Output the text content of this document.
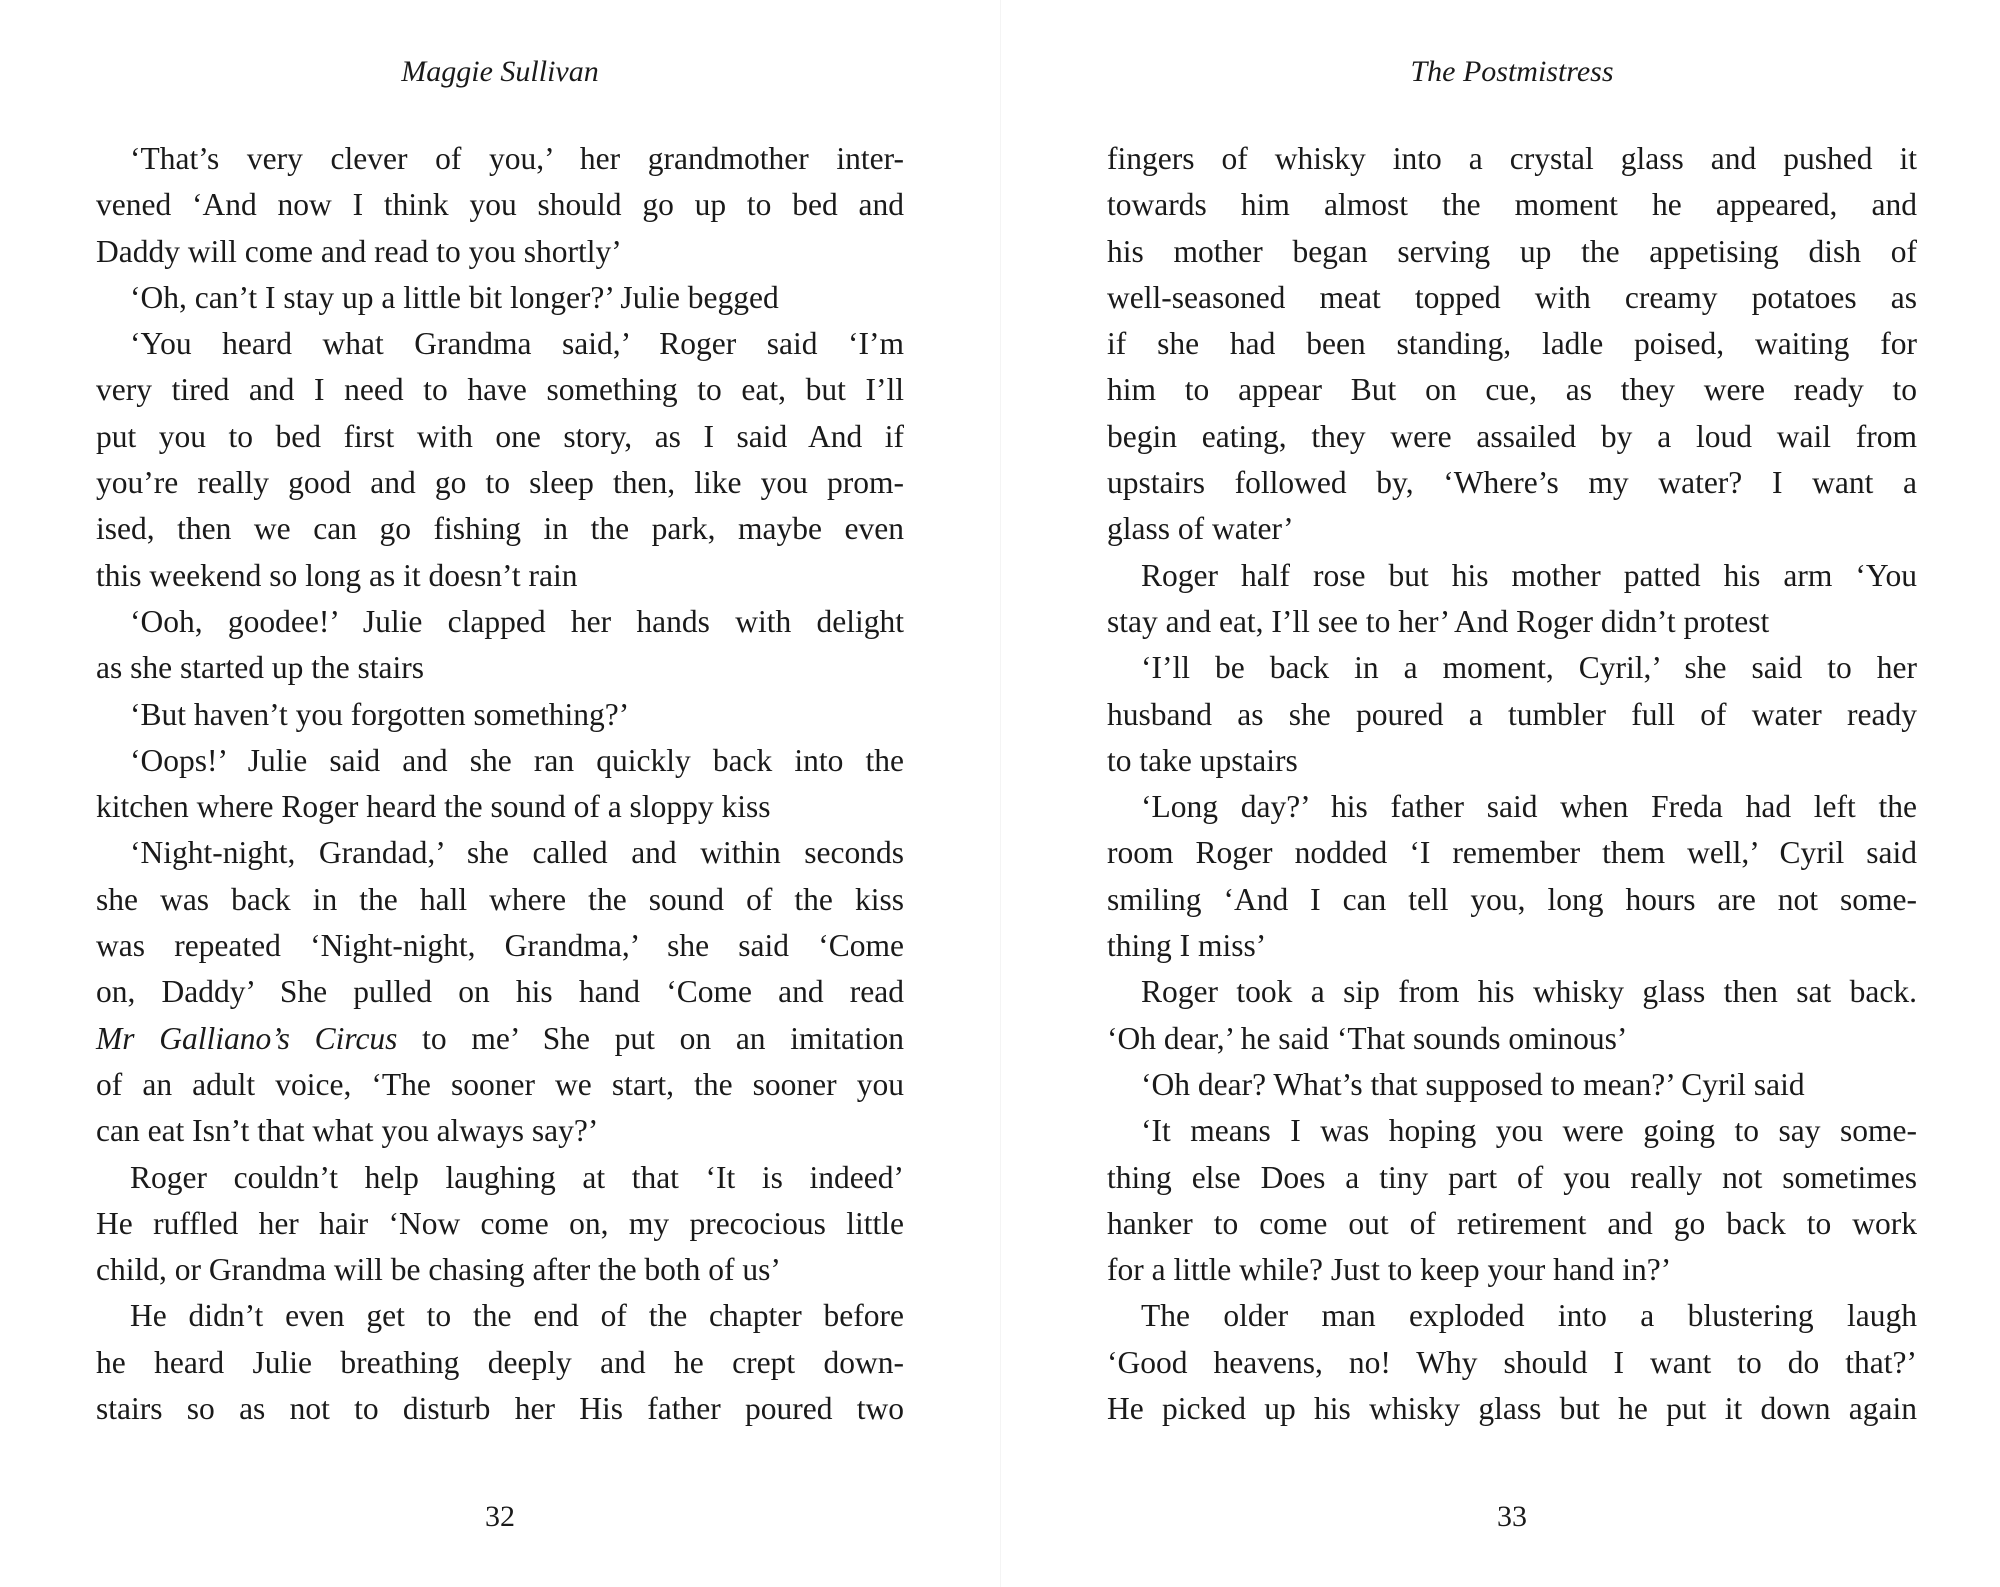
Maggie Sullivan
‘That’s very clever of you,’ her grandmother inter-
vened ‘And now I think you should go up to bed and
Daddy will come and read to you shortly’
‘Oh, can’t I stay up a little bit longer?’ Julie begged
‘You heard what Grandma said,’ Roger said ‘I’m
very tired and I need to have something to eat, but I’ll
put you to bed first with one story, as I said And if
you’re really good and go to sleep then, like you prom-
ised, then we can go fishing in the park, maybe even
this weekend so long as it doesn’t rain
‘Ooh, goodee!’ Julie clapped her hands with delight
as she started up the stairs
‘But haven’t you forgotten something?’
‘Oops!’ Julie said and she ran quickly back into the
kitchen where Roger heard the sound of a sloppy kiss
‘Night-night, Grandad,’ she called and within seconds
she was back in the hall where the sound of the kiss
was repeated ‘Night-night, Grandma,’ she said ‘Come
on, Daddy’ She pulled on his hand ‘Come and read
Mr Galliano’s Circus to me’ She put on an imitation
of an adult voice, ‘The sooner we start, the sooner you
can eat Isn’t that what you always say?’
Roger couldn’t help laughing at that ‘It is indeed’
He ruffled her hair ‘Now come on, my precocious little
child, or Grandma will be chasing after the both of us’
He didn’t even get to the end of the chapter before
he heard Julie breathing deeply and he crept down-
stairs so as not to disturb her His father poured two
32
The Postmistress
fingers of whisky into a crystal glass and pushed it
towards him almost the moment he appeared, and
his mother began serving up the appetising dish of
well-seasoned meat topped with creamy potatoes as
if she had been standing, ladle poised, waiting for
him to appear But on cue, as they were ready to
begin eating, they were assailed by a loud wail from
upstairs followed by, ‘Where’s my water? I want a
glass of water’
Roger half rose but his mother patted his arm ‘You
stay and eat, I’ll see to her’ And Roger didn’t protest
‘I’ll be back in a moment, Cyril,’ she said to her
husband as she poured a tumbler full of water ready
to take upstairs
‘Long day?’ his father said when Freda had left the
room Roger nodded ‘I remember them well,’ Cyril said
smiling ‘And I can tell you, long hours are not some-
thing I miss’
Roger took a sip from his whisky glass then sat back.
‘Oh dear,’ he said ‘That sounds ominous’
‘Oh dear? What’s that supposed to mean?’ Cyril said
‘It means I was hoping you were going to say some-
thing else Does a tiny part of you really not sometimes
hanker to come out of retirement and go back to work
for a little while? Just to keep your hand in?’
The older man exploded into a blustering laugh
‘Good heavens, no! Why should I want to do that?’
He picked up his whisky glass but he put it down again
33
